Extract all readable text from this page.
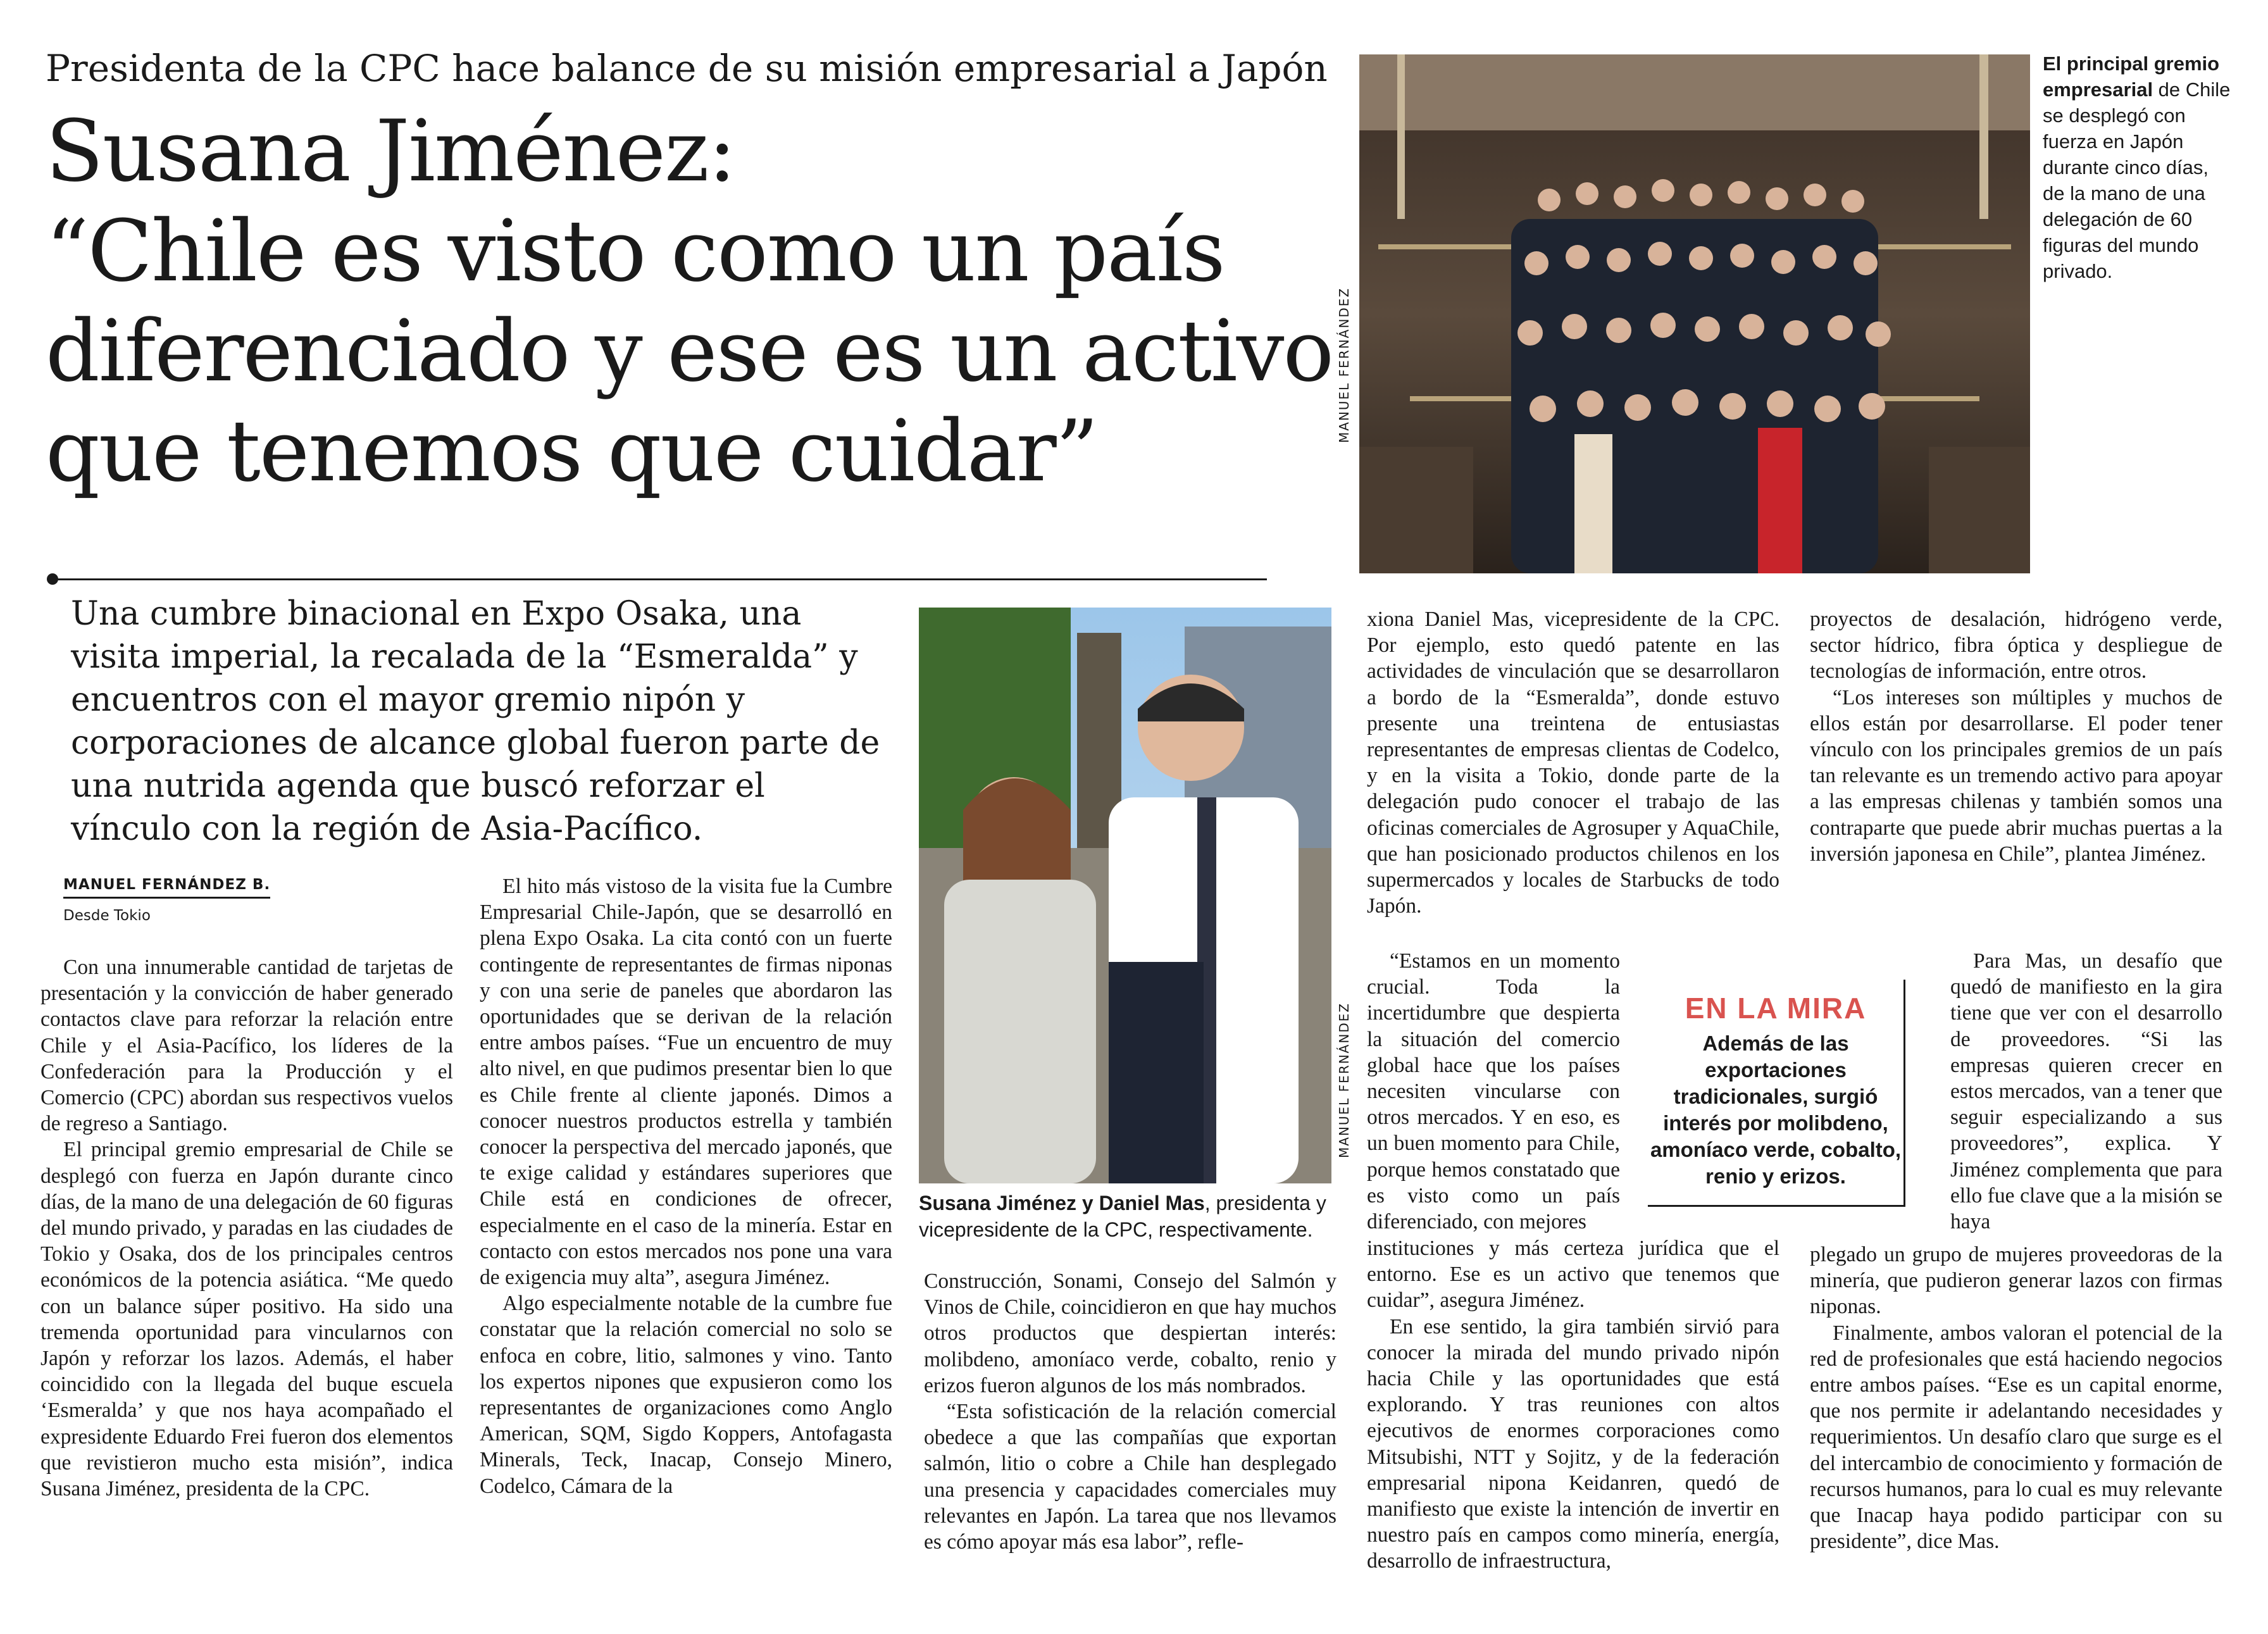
Presidenta de la CPC hace balance de su misión empresarial a Japón
Susana Jiménez:
“Chile es visto como un país
diferenciado y ese es un activo
que tenemos que cuidar”
Una cumbre binacional en Expo Osaka, una visita imperial, la recalada de la “Esmeralda” y encuentros con el mayor gremio nipón y corporaciones de alcance global fueron parte de una nutrida agenda que buscó reforzar el vínculo con la región de Asia-Pacífico.
MANUEL FERNÁNDEZ B.
Desde Tokio

Con una innumerable cantidad de tarjetas de presentación y la convicción de haber generado contactos clave para reforzar la relación entre Chile y el Asia-Pacífico, los líderes de la Confederación para la Producción y el Comercio (CPC) abordan sus respectivos vuelos de regreso a Santiago.

El principal gremio empresarial de Chile se desplegó con fuerza en Japón durante cinco días, de la mano de una delegación de 60 figuras del mundo privado, y paradas en las ciudades de Tokio y Osaka, dos de los principales centros económicos de la potencia asiática. “Me quedo con un balance súper positivo. Ha sido una tremenda oportunidad para vincularnos con Japón y reforzar los lazos. Además, el haber coincidido con la llegada del buque escuela ‘Esmeralda’ y que nos haya acompañado el expresidente Eduardo Frei fueron dos elementos que revistieron mucho esta misión”, indica Susana Jiménez, presidenta de la CPC.

El hito más vistoso de la visita fue la Cumbre Empresarial Chile-Japón, que se desarrolló en plena Expo Osaka. La cita contó con un fuerte contingente de representantes de firmas niponas y con una serie de paneles que abordaron las oportunidades que se derivan de la relación entre ambos países. “Fue un encuentro de muy alto nivel, en que pudimos presentar bien lo que es Chile frente al cliente japonés. Dimos a conocer nuestros productos estrella y también conocer la perspectiva del mercado japonés, que te exige calidad y estándares superiores que Chile está en condiciones de ofrecer, especialmente en el caso de la minería. Estar en contacto con estos mercados nos pone una vara de exigencia muy alta”, asegura Jiménez.

Algo especialmente notable de la cumbre fue constatar que la relación comercial no solo se enfoca en cobre, litio, salmones y vino. Tanto los expertos nipones que expusieron como los representantes de organizaciones como Anglo American, SQM, Sigdo Koppers, Antofagasta Minerals, Teck, Inacap, Consejo Minero, Codelco, Cámara de la

Construcción, Sonami, Consejo del Salmón y Vinos de Chile, coincidieron en que hay muchos otros productos que despiertan interés: molibdeno, amoníaco verde, cobalto, renio y erizos fueron algunos de los más nombrados.

“Esta sofisticación de la relación comercial obedece a que las compañías que exportan salmón, litio o cobre a Chile han desplegado una presencia y capacidades comerciales muy relevantes en Japón. La tarea que nos llevamos es cómo apoyar más esa labor”, refle-

xiona Daniel Mas, vicepresidente de la CPC. Por ejemplo, esto quedó patente en las actividades de vinculación que se desarrollaron a bordo de la “Esmeralda”, donde estuvo presente una treintena de entusiastas representantes de empresas clientas de Codelco, y en la visita a Tokio, donde parte de la delegación pudo conocer el trabajo de las oficinas comerciales de Agrosuper y AquaChile, que han posicionado productos chilenos en los supermercados y locales de Starbucks de todo Japón.

“Estamos en un momento crucial. Toda la incertidumbre que despierta la situación del comercio global hace que los países necesiten vincularse con otros mercados. Y en eso, es un buen momento para Chile, porque hemos constatado que es visto como un país diferenciado, con mejores

instituciones y más certeza jurídica que el entorno. Ese es un activo que tenemos que cuidar”, asegura Jiménez.

En ese sentido, la gira también sirvió para conocer la mirada del mundo privado nipón hacia Chile y las oportunidades que está explorando. Y tras reuniones con altos ejecutivos de enormes corporaciones como Mitsubishi, NTT y Sojitz, y de la federación empresarial nipona Keidanren, quedó de manifiesto que existe la intención de invertir en nuestro país en campos como minería, energía, desarrollo de infraestructura,

proyectos de desalación, hidrógeno verde, sector hídrico, fibra óptica y despliegue de tecnologías de información, entre otros.

“Los intereses son múltiples y muchos de ellos están por desarrollarse. El poder tener vínculo con los principales gremios de un país tan relevante es un tremendo activo para apoyar a las empresas chilenas y también somos una contraparte que puede abrir muchas puertas a la inversión japonesa en Chile”, plantea Jiménez.

Para Mas, un desafío que quedó de manifiesto en la gira tiene que ver con el desarrollo de proveedores. “Si las empresas quieren crecer en estos mercados, van a tener que seguir especializando a sus proveedores”, explica. Y Jiménez complementa que para ello fue clave que a la misión se haya

plegado un grupo de mujeres proveedoras de la minería, que pudieron generar lazos con firmas niponas.

Finalmente, ambos valoran el potencial de la red de profesionales que está haciendo negocios entre ambos países. “Ese es un capital enorme, que nos permite ir adelantando necesidades y requerimientos. Un desafío claro que surge es el del intercambio de conocimiento y formación de recursos humanos, para lo cual es muy relevante que Inacap haya podido participar con su presidente”, dice Mas.

MANUEL FERNÁNDEZ
El principal gremio empresarial de Chile se desplegó con fuerza en Japón durante cinco días, de la mano de una delegación de 60 figuras del mundo privado.
MANUEL FERNÁNDEZ
Susana Jiménez y Daniel Mas, presidenta y vicepresidente de la CPC, respectivamente.
EN LA MIRA
Además de las exportaciones tradicionales, surgió interés por molibdeno, amoníaco verde, cobalto, renio y erizos.
